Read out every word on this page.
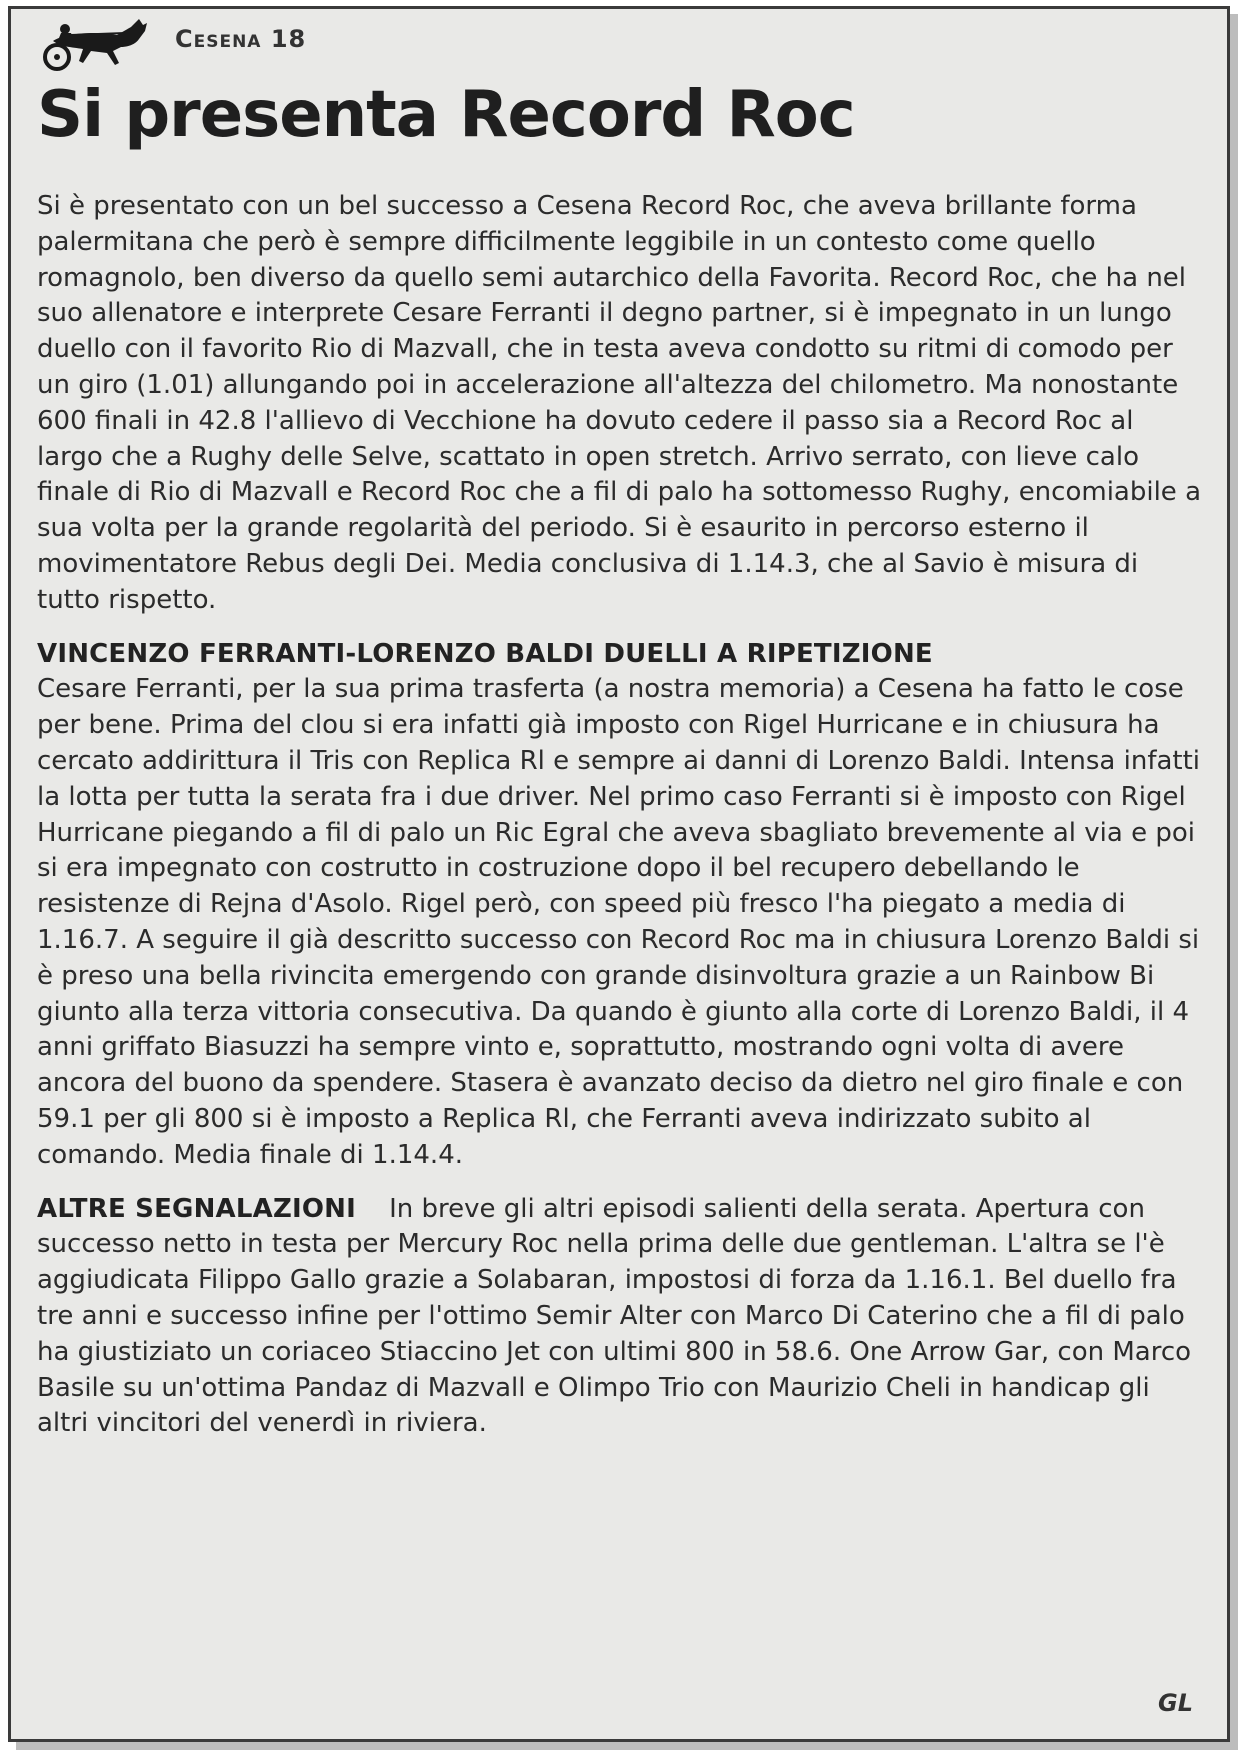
Cesena 18
Si presenta Record Roc

Si è presentato con un bel successo a Cesena Record Roc, che aveva brillante forma palermitana che però è sempre difficilmente leggibile in un contesto come quello romagnolo, ben diverso da quello semi autarchico della Favorita. Record Roc, che ha nel suo allenatore e interprete Cesare Ferranti il degno partner, si è impegnato in un lungo duello con il favorito Rio di Mazvall, che in testa aveva condotto su ritmi di comodo per un giro (1.01) allungando poi in accelerazione all'altezza del chilometro. Ma nonostante 600 finali in 42.8 l'allievo di Vecchione ha dovuto cedere il passo sia a Record Roc al largo che a Rughy delle Selve, scattato in open stretch. Arrivo serrato, con lieve calo finale di Rio di Mazvall e Record Roc che a fil di palo ha sottomesso Rughy, encomiabile a sua volta per la grande regolarità del periodo. Si è esaurito in percorso esterno il movimentatore Rebus degli Dei. Media conclusiva di 1.14.3, che al Savio è misura di tutto rispetto.

VINCENZO FERRANTI-LORENZO BALDI DUELLI A RIPETIZIONE
Cesare Ferranti, per la sua prima trasferta (a nostra memoria) a Cesena ha fatto le cose per bene. Prima del clou si era infatti già imposto con Rigel Hurricane e in chiusura ha cercato addirittura il Tris con Replica Rl e sempre ai danni di Lorenzo Baldi. Intensa infatti la lotta per tutta la serata fra i due driver. Nel primo caso Ferranti si è imposto con Rigel Hurricane piegando a fil di palo un Ric Egral che aveva sbagliato brevemente al via e poi si era impegnato con costrutto in costruzione dopo il bel recupero debellando le resistenze di Rejna d'Asolo. Rigel però, con speed più fresco l'ha piegato a media di 1.16.7. A seguire il già descritto successo con Record Roc ma in chiusura Lorenzo Baldi si è preso una bella rivincita emergendo con grande disinvoltura grazie a un Rainbow Bi giunto alla terza vittoria consecutiva. Da quando è giunto alla corte di Lorenzo Baldi, il 4 anni griffato Biasuzzi ha sempre vinto e, soprattutto, mostrando ogni volta di avere ancora del buono da spendere. Stasera è avanzato deciso da dietro nel giro finale e con 59.1 per gli 800 si è imposto a Replica Rl, che Ferranti aveva indirizzato subito al comando. Media finale di 1.14.4.

ALTRE SEGNALAZIONI In breve gli altri episodi salienti della serata. Apertura con successo netto in testa per Mercury Roc nella prima delle due gentleman. L'altra se l'è aggiudicata Filippo Gallo grazie a Solabaran, impostosi di forza da 1.16.1. Bel duello fra tre anni e successo infine per l'ottimo Semir Alter con Marco Di Caterino che a fil di palo ha giustiziato un coriaceo Stiaccino Jet con ultimi 800 in 58.6. One Arrow Gar, con Marco Basile su un'ottima Pandaz di Mazvall e Olimpo Trio con Maurizio Cheli in handicap gli altri vincitori del venerdì in riviera.

GL
